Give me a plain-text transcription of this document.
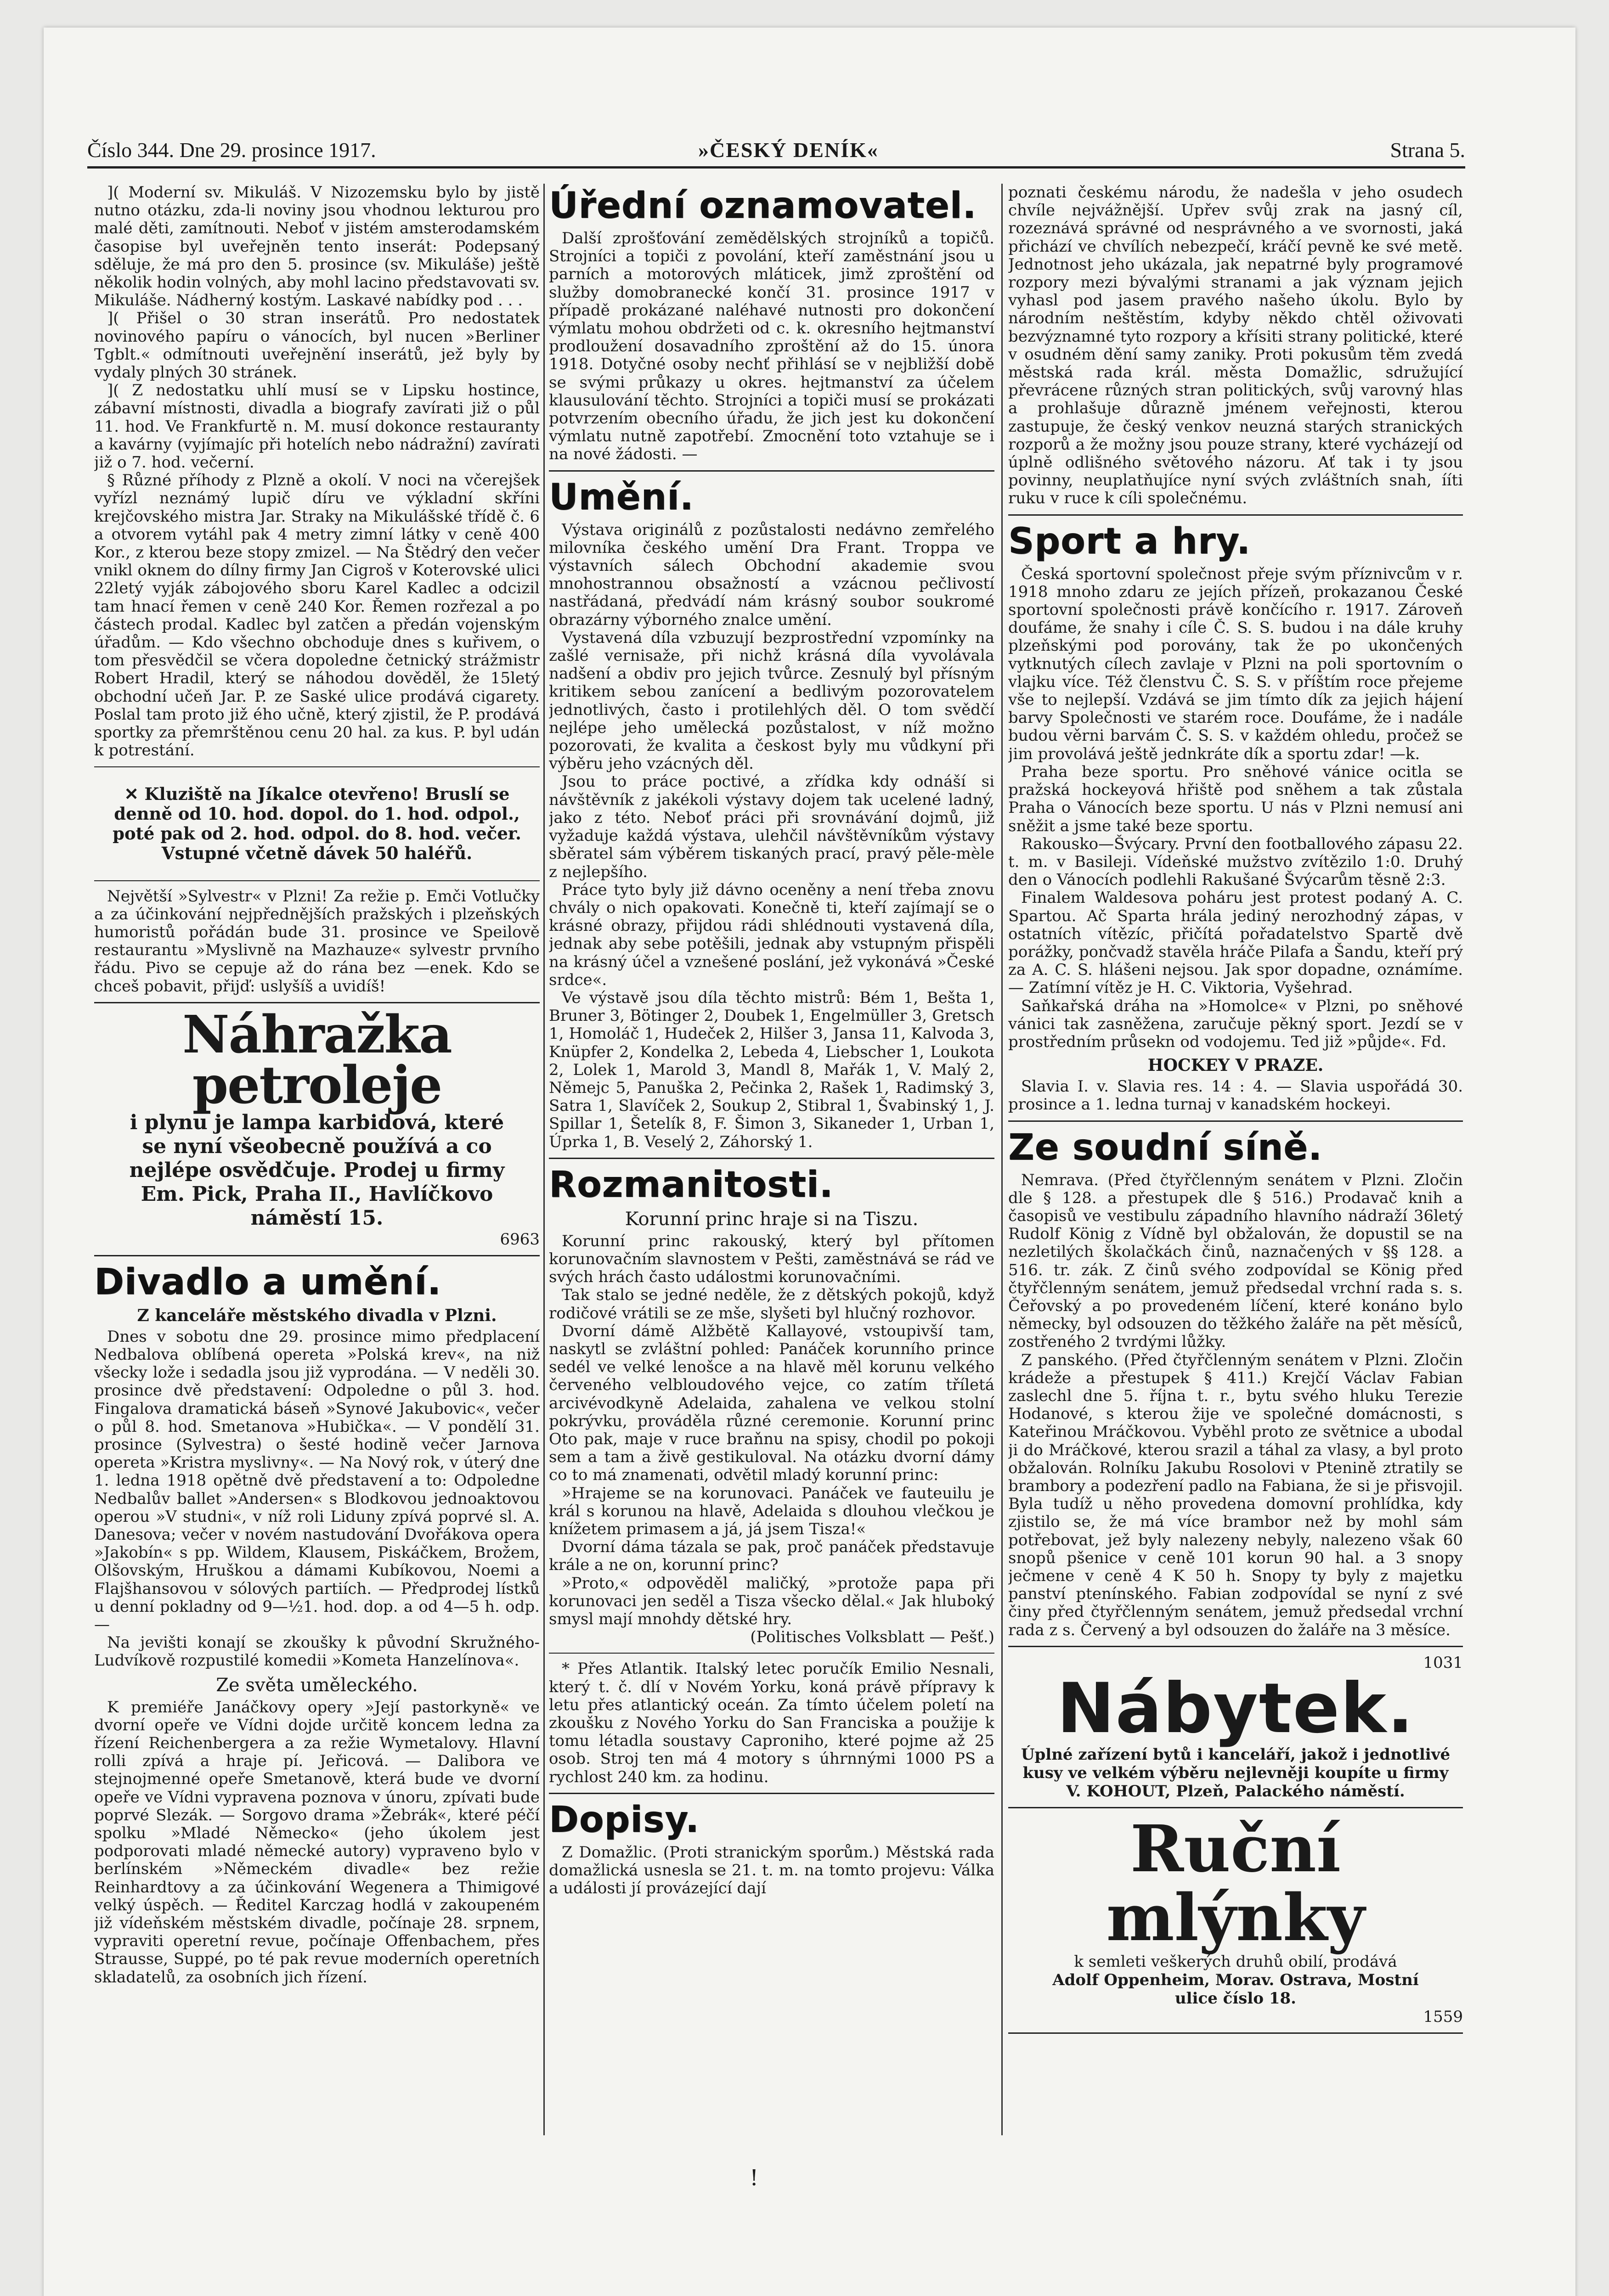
Číslo 344. Dne 29. prosince 1917.	»ČESKÝ DENÍK«	Strana 5.

]( Moderní sv. Mikuláš. V Nizozemsku bylo by jistě nutno otázku, zda-li noviny jsou vhodnou lekturou pro malé děti, zamítnouti. Neboť v jistém amsterodamském časopise byl uveřejněn tento inserát: Podepsaný sděluje, že má pro den 5. prosince (sv. Mikuláše) ještě několik hodin volných, aby mohl lacino představovati sv. Mikuláše. Nádherný kostým. Laskavé nabídky pod . . .

]( Přišel o 30 stran inserátů. Pro nedostatek novinového papíru o vánocích, byl nucen »Berliner Tgblt.« odmítnouti uveřejnění inserátů, jež byly by vydaly plných 30 stránek.

]( Z nedostatku uhlí musí se v Lipsku hostince, zábavní místnosti, divadla a biografy zavírati již o půl 11. hod. Ve Frankfurtě n. M. musí dokonce restauranty a kavárny (vyjímajíc při hotelích nebo nádražní) zavírati již o 7. hod. večerní.

§ Různé příhody z Plzně a okolí. V noci na včerejšek vyřízl neznámý lupič díru ve výkladní skříni krejčovského mistra Jar. Straky na Mikulášské třídě č. 6 a otvorem vytáhl pak 4 metry zimní látky v ceně 400 Kor., z kterou beze stopy zmizel. — Na Štědrý den večer vnikl oknem do dílny firmy Jan Cigroš v Koterovské ulici 22letý vyják zábojového sboru Karel Kadlec a odcizil tam hnací řemen v ceně 240 Kor. Řemen rozřezal a po částech prodal. Kadlec byl zatčen a předán vojenským úřadům. — Kdo všechno obchoduje dnes s kuřivem, o tom přesvědčil se včera dopoledne četnický strážmistr Robert Hradil, který se náhodou dověděl, že 15letý obchodní učeň Jar. P. ze Saské ulice prodává cigarety. Poslal tam proto již ého učně, který zjistil, že P. prodává sportky za přemrštěnou cenu 20 hal. za kus. P. byl udán k potrestání.

✕ Kluziště na Jíkalce otevřeno! Bruslí se denně od 10. hod. dopol. do 1. hod. odpol., poté pak od 2. hod. odpol. do 8. hod. večer. Vstupné včetně dávek 50 haléřů.

Největší »Sylvestr« v Plzni! Za režie p. Emči Votlučky a za účinkování nejpřednějších pražských i plzeňských humoristů pořádán bude 31. prosince ve Speilově restaurantu »Myslivně na Mazhauze« sylvestr prvního řádu. Pivo se cepuje až do rána bez —enek. Kdo se chceš pobavit, přijď: uslyšíš a uvidíš!

Náhražka petroleje

i plynu je lampa karbidová, které

se nyní všeobecně používá a co

nejlépe osvědčuje. Prodej u firmy

Em. Pick, Praha II., Havlíčkovo

náměstí 15.

6963

Divadlo a umění.

Z kanceláře městského divadla v Plzni.

Dnes v sobotu dne 29. prosince mimo předplacení Nedbalova oblíbená opereta »Polská krev«, na niž všecky lože i sedadla jsou již vyprodána. — V neděli 30. prosince dvě představení: Odpoledne o půl 3. hod. Fingalova dramatická báseň »Synové Jakubovic«, večer o půl 8. hod. Smetanova »Hubička«. — V pondělí 31. prosince (Sylvestra) o šesté hodině večer Jarnova opereta »Kristra myslivny«. — Na Nový rok, v úterý dne 1. ledna 1918 opětně dvě představení a to: Odpoledne Nedbalův ballet »Andersen« s Blodkovou jednoaktovou operou »V studni«, v níž roli Liduny zpívá poprvé sl. A. Danesova; večer v novém nastudování Dvořákova opera »Jakobín« s pp. Wildem, Klausem, Piskáčkem, Brožem, Olšovským, Hruškou a dámami Kubíkovou, Noemi a Flajšhansovou v sólových partiích. — Předprodej lístků u denní pokladny od 9—½1. hod. dop. a od 4—5 h. odp. —

Na jevišti konají se zkoušky k původní Skružného-Ludvíkově rozpustilé komedii »Kometa Hanzelínova«.

Ze světa uměleckého.

K premiéře Janáčkovy opery »Její pastorkyně« ve dvorní opeře ve Vídni dojde určitě koncem ledna za řízení Reichenbergera a za režie Wymetalovy. Hlavní rolli zpívá a hraje pí. Jeřicová. — Dalibora ve stejnojmenné opeře Smetanově, která bude ve dvorní opeře ve Vídni vypravena poznova v únoru, zpívati bude poprvé Slezák. — Sorgovo drama »Žebrák«, které péčí spolku »Mladé Německo« (jeho úkolem jest podporovati mladé německé autory) vypraveno bylo v berlínském »Německém divadle« bez režie Reinhardtovy a za účinkování Wegenera a Thimigové velký úspěch. — Ředitel Karczag hodlá v zakoupeném již vídeňském městském divadle, počínaje 28. srpnem, vypraviti operetní revue, počínaje Offenbachem, přes Strausse, Suppé, po té pak revue moderních operetních skladatelů, za osobních jich řízení.

Úřední oznamovatel.

Další zprošťování zemědělských strojníků a topičů. Strojníci a topiči z povolání, kteří zaměstnání jsou u parních a motorových mláticek, jimž zproštění od služby domobranecké končí 31. prosince 1917 v případě prokázané naléhavé nutnosti pro dokončení výmlatu mohou obdržeti od c. k. okresního hejtmanství prodloužení dosavadního zproštění až do 15. února 1918. Dotyčné osoby nechť přihlásí se v nejbližší době se svými průkazy u okres. hejtmanství za účelem klausulování těchto. Strojníci a topiči musí se prokázati potvrzením obecního úřadu, že jich jest ku dokončení výmlatu nutně zapotřebí. Zmocnění toto vztahuje se i na nové žádosti. —

Umění.

Výstava originálů z pozůstalosti nedávno zemřelého milovníka českého umění Dra Frant. Troppa ve výstavních sálech Obchodní akademie svou mnohostrannou obsažností a vzácnou pečlivostí nastřádaná, předvádí nám krásný soubor soukromé obrazárny výborného znalce umění.

Vystavená díla vzbuzují bezprostřední vzpomínky na zašlé vernisaže, při nichž krásná díla vyvolávala nadšení a obdiv pro jejich tvůrce. Zesnulý byl přísným kritikem sebou zanícení a bedlivým pozorovatelem jednotlivých, často i protilehlých děl. O tom svědčí nejlépe jeho umělecká pozůstalost, v níž možno pozorovati, že kvalita a českost byly mu vůdkyní při výběru jeho vzácných děl.

Jsou to práce poctivé, a zřídka kdy odnáší si návštěvník z jakékoli výstavy dojem tak ucelené ladný, jako z této. Neboť práci při srovnávání dojmů, již vyžaduje každá výstava, ulehčil návštěvníkům výstavy sběratel sám výběrem tiskaných prací, pravý pěle-mèle z nejlepšího.

Práce tyto byly již dávno oceněny a není třeba znovu chvály o nich opakovati. Konečně ti, kteří zajímají se o krásné obrazy, přijdou rádi shlédnouti vystavená díla, jednak aby sebe potěšili, jednak aby vstupným přispěli na krásný účel a vznešené poslání, jež vykonává »České srdce«.

Ve výstavě jsou díla těchto mistrů: Bém 1, Bešta 1, Bruner 3, Bötinger 2, Doubek 1, Engelmüller 3, Gretsch 1, Homoláč 1, Hudeček 2, Hilšer 3, Jansa 11, Kalvoda 3, Knüpfer 2, Kondelka 2, Lebeda 4, Liebscher 1, Loukota 2, Lolek 1, Marold 3, Mandl 8, Mařák 1, V. Malý 2, Němejc 5, Panuška 2, Pečinka 2, Rašek 1, Radimský 3, Satra 1, Slavíček 2, Soukup 2, Stibral 1, Švabinský 1, J. Spillar 1, Šetelík 8, F. Šimon 3, Sikaneder 1, Urban 1, Úprka 1, B. Veselý 2, Záhorský 1.

Rozmanitosti.

Korunní princ hraje si na Tiszu.

Korunní princ rakouský, který byl přítomen korunovačním slavnostem v Pešti, zaměstnává se rád ve svých hrách často událostmi korunovačními.

Tak stalo se jedné neděle, že z dětských pokojů, když rodičové vrátili se ze mše, slyšeti byl hlučný rozhovor.

Dvorní dámě Alžbětě Kallayové, vstoupivší tam, naskytl se zvláštní pohled: Panáček korunního prince sedél ve velké lenošce a na hlavě měl korunu velkého červeného velbloudového vejce, co zatím tříletá arcivévodkyně Adelaida, zahalena ve velkou stolní pokrývku, prováděla různé ceremonie. Korunní princ Oto pak, maje v ruce braňnu na spisy, chodil po pokoji sem a tam a živě gestikuloval. Na otázku dvorní dámy co to má znamenati, odvětil mladý korunní princ:

»Hrajeme se na korunovaci. Panáček ve fauteuilu je král s korunou na hlavě, Adelaida s dlouhou vlečkou je knížetem primasem a já, já jsem Tisza!«

Dvorní dáma tázala se pak, proč panáček představuje krále a ne on, korunní princ?

»Proto,« odpověděl maličký, »protože papa při korunovaci jen seděl a Tisza všecko dělal.« Jak hluboký smysl mají mnohdy dětské hry.

(Politisches Volksblatt — Pešť.)

* Přes Atlantik. Italský letec poručík Emilio Nesnali, který t. č. dlí v Novém Yorku, koná právě přípravy k letu přes atlantický oceán. Za tímto účelem poletí na zkoušku z Nového Yorku do San Franciska a použije k tomu létadla soustavy Caproniho, které pojme až 25 osob. Stroj ten má 4 motory s úhrnnými 1000 PS a rychlost 240 km. za hodinu.

Dopisy.

Z Domažlic. (Proti stranickým sporům.) Městská rada domažlická usnesla se 21. t. m. na tomto projevu: Válka a události jí provázející dají

poznati českému národu, že nadešla v jeho osudech chvíle nejvážnější. Upřev svůj zrak na jasný cíl, rozeznává správné od nesprávného a ve svornosti, jaká přichází ve chvílích nebezpečí, kráčí pevně ke své metě. Jednotnost jeho ukázala, jak nepatrné byly programové rozpory mezi bývalými stranami a jak význam jejich vyhasl pod jasem pravého našeho úkolu. Bylo by národním neštěstím, kdyby někdo chtěl oživovati bezvýznamné tyto rozpory a křísiti strany politické, které v osudném dění samy zaniky. Proti pokusům těm zvedá městská rada král. města Domažlic, sdružující převrácene různých stran politických, svůj varovný hlas a prohlašuje důrazně jménem veřejnosti, kterou zastupuje, že český venkov neuzná starých stranických rozporů a že možny jsou pouze strany, které vycházejí od úplně odlišného světového názoru. Ať tak i ty jsou povinny, neuplatňujíce nyní svých zvláštních snah, ííti ruku v ruce k cíli společnému.

Sport a hry.

Česká sportovní společnost přeje svým příznivcům v r. 1918 mnoho zdaru ze jejích přízeň, prokazanou České sportovní společnosti právě končícího r. 1917. Zároveň doufáme, že snahy i cíle Č. S. S. budou i na dále kruhy plzeňskými pod porovány, tak že po ukončených vytknutých cílech zavlaje v Plzni na poli sportovním o vlajku více. Též členstvu Č. S. S. v příštím roce přejeme vše to nejlepší. Vzdává se jim tímto dík za jejich hájení barvy Společnosti ve starém roce. Doufáme, že i nadále budou věrni barvám Č. S. S. v každém ohledu, pročež se jim provolává ještě jednkráte dík a sportu zdar! —k.

Praha beze sportu. Pro sněhové vánice ocitla se pražská hockeyová hřiště pod sněhem a tak zůstala Praha o Vánocích beze sportu. U nás v Plzni nemusí ani sněžit a jsme také beze sportu.

Rakousko—Švýcary. První den footballového zápasu 22. t. m. v Basileji. Vídeňské mužstvo zvítězilo 1:0. Druhý den o Vánocích podlehli Rakušané Švýcarům těsně 2:3.

Finalem Waldesova poháru jest protest podaný A. C. Spartou. Ač Sparta hrála jediný nerozhodný zápas, v ostatních vítězíc, přičítá pořadatelstvo Spartě dvě porážky, pončvadž stavěla hráče Pilafa a Šandu, kteří prý za A. C. S. hlášeni nejsou. Jak spor dopadne, oznámíme. — Zatímní vítěz je H. C. Viktoria, Vyšehrad.

Saňkařská dráha na »Homolce« v Plzni, po sněhové vánici tak zasněžena, zaručuje pěkný sport. Jezdí se v prostředním průsekn od vodojemu. Ted již »půjde«. Fd.

HOCKEY V PRAZE.

Slavia I. v. Slavia res. 14 : 4. — Slavia uspořádá 30. prosince a 1. ledna turnaj v kanadském hockeyi.

Ze soudní síně.

Nemrava. (Před čtyřčlenným senátem v Plzni. Zločin dle § 128. a přestupek dle § 516.) Prodavač knih a časopisů ve vestibulu západního hlavního nádraží 36letý Rudolf König z Vídně byl obžalován, že dopustil se na nezletilých školačkách činů, naznačených v §§ 128. a 516. tr. zák. Z činů svého zodpovídal se König před čtyřčlenným senátem, jemuž předsedal vrchní rada s. s. Čeřovský a po provedeném líčení, které konáno bylo německy, byl odsouzen do těžkého žaláře na pět měsíců, zostřeného 2 tvrdými lůžky.

Z panského. (Před čtyřčlenným senátem v Plzni. Zločin krádeže a přestupek § 411.) Krejčí Václav Fabian zaslechl dne 5. října t. r., bytu svého hluku Terezie Hodanové, s kterou žije ve společné domácnosti, s Kateřinou Mráčkovou. Vyběhl proto ze světnice a ubodal ji do Mráčkové, kterou srazil a táhal za vlasy, a byl proto obžalován. Rolníku Jakubu Rosolovi v Ptenině ztratily se brambory a podezření padlo na Fabiana, že si je přisvojil. Byla tudíž u něho provedena domovní prohlídka, kdy zjistilo se, že má více brambor než by mohl sám potřebovat, jež byly nalezeny nebyly, nalezeno však 60 snopů pšenice v ceně 101 korun 90 hal. a 3 snopy ječmene v ceně 4 K 50 h. Snopy ty byly z majetku panství ptenínského. Fabian zodpovídal se nyní z své činy před čtyřčlenným senátem, jemuž předsedal vrchní rada z s. Červený a byl odsouzen do žaláře na 3 měsíce.

1031

Nábytek.

Úplné zařízení bytů i kanceláří, jakož i jednotlivé

kusy ve velkém výběru nejlevněji koupíte u firmy

V. KOHOUT, Plzeň, Palackého náměstí.

Ruční mlýnky

k semleti veškerých druhů obilí, prodává

Adolf Oppenheim, Morav. Ostrava, Mostní

ulice číslo 18.

1559

!
